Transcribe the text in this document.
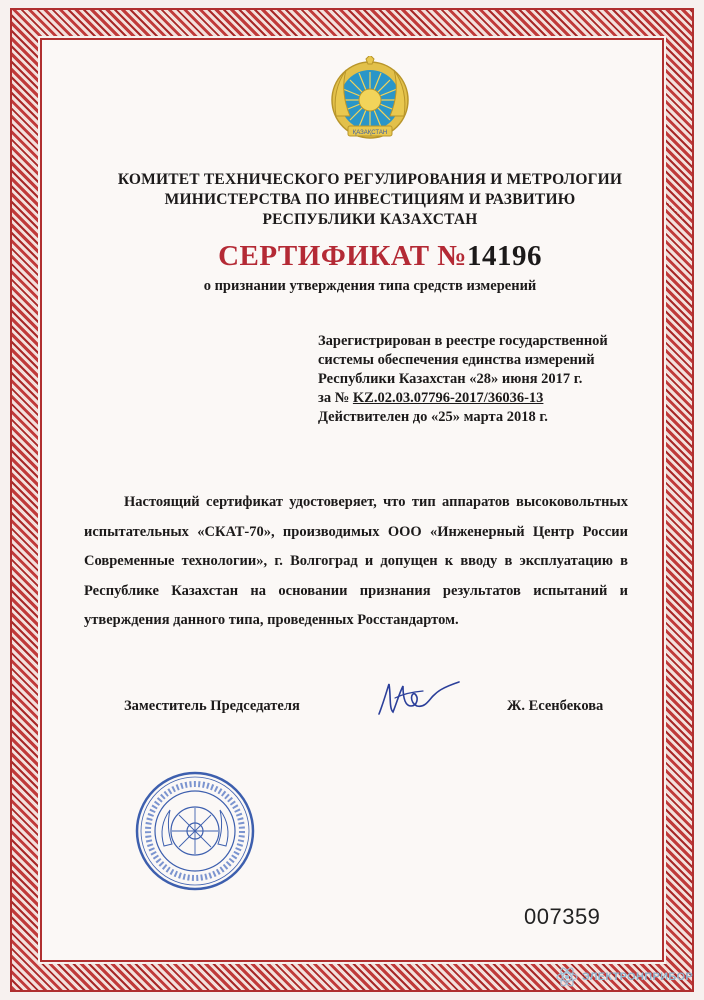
ҚАЗАҚСТАН
КОМИТЕТ ТЕХНИЧЕСКОГО РЕГУЛИРОВАНИЯ И МЕТРОЛОГИИ
МИНИСТЕРСТВА ПО ИНВЕСТИЦИЯМ И РАЗВИТИЮ
РЕСПУБЛИКИ КАЗАХСТАН
СЕРТИФИКАТ №14196
о признании утверждения типа средств измерений
Зарегистрирован в реестре государственной
системы обеспечения единства измерений
Республики Казахстан «28» июня 2017 г.
за № KZ.02.03.07796-2017/36036-13
Действителен до «25» марта 2018 г.
Настоящий сертификат удостоверяет, что тип аппаратов высоковольтных испытательных «СКАТ-70», производимых ООО «Инженерный Центр России Современные технологии», г. Волгоград и допущен к вводу в эксплуатацию в Республике Казахстан на основании признания результатов испытаний и утверждения данного типа, проведенных Росстандартом.
Заместитель Председателя	Ж. Есенбекова
007359
ЭЛЕКТРОНПРИБОР
